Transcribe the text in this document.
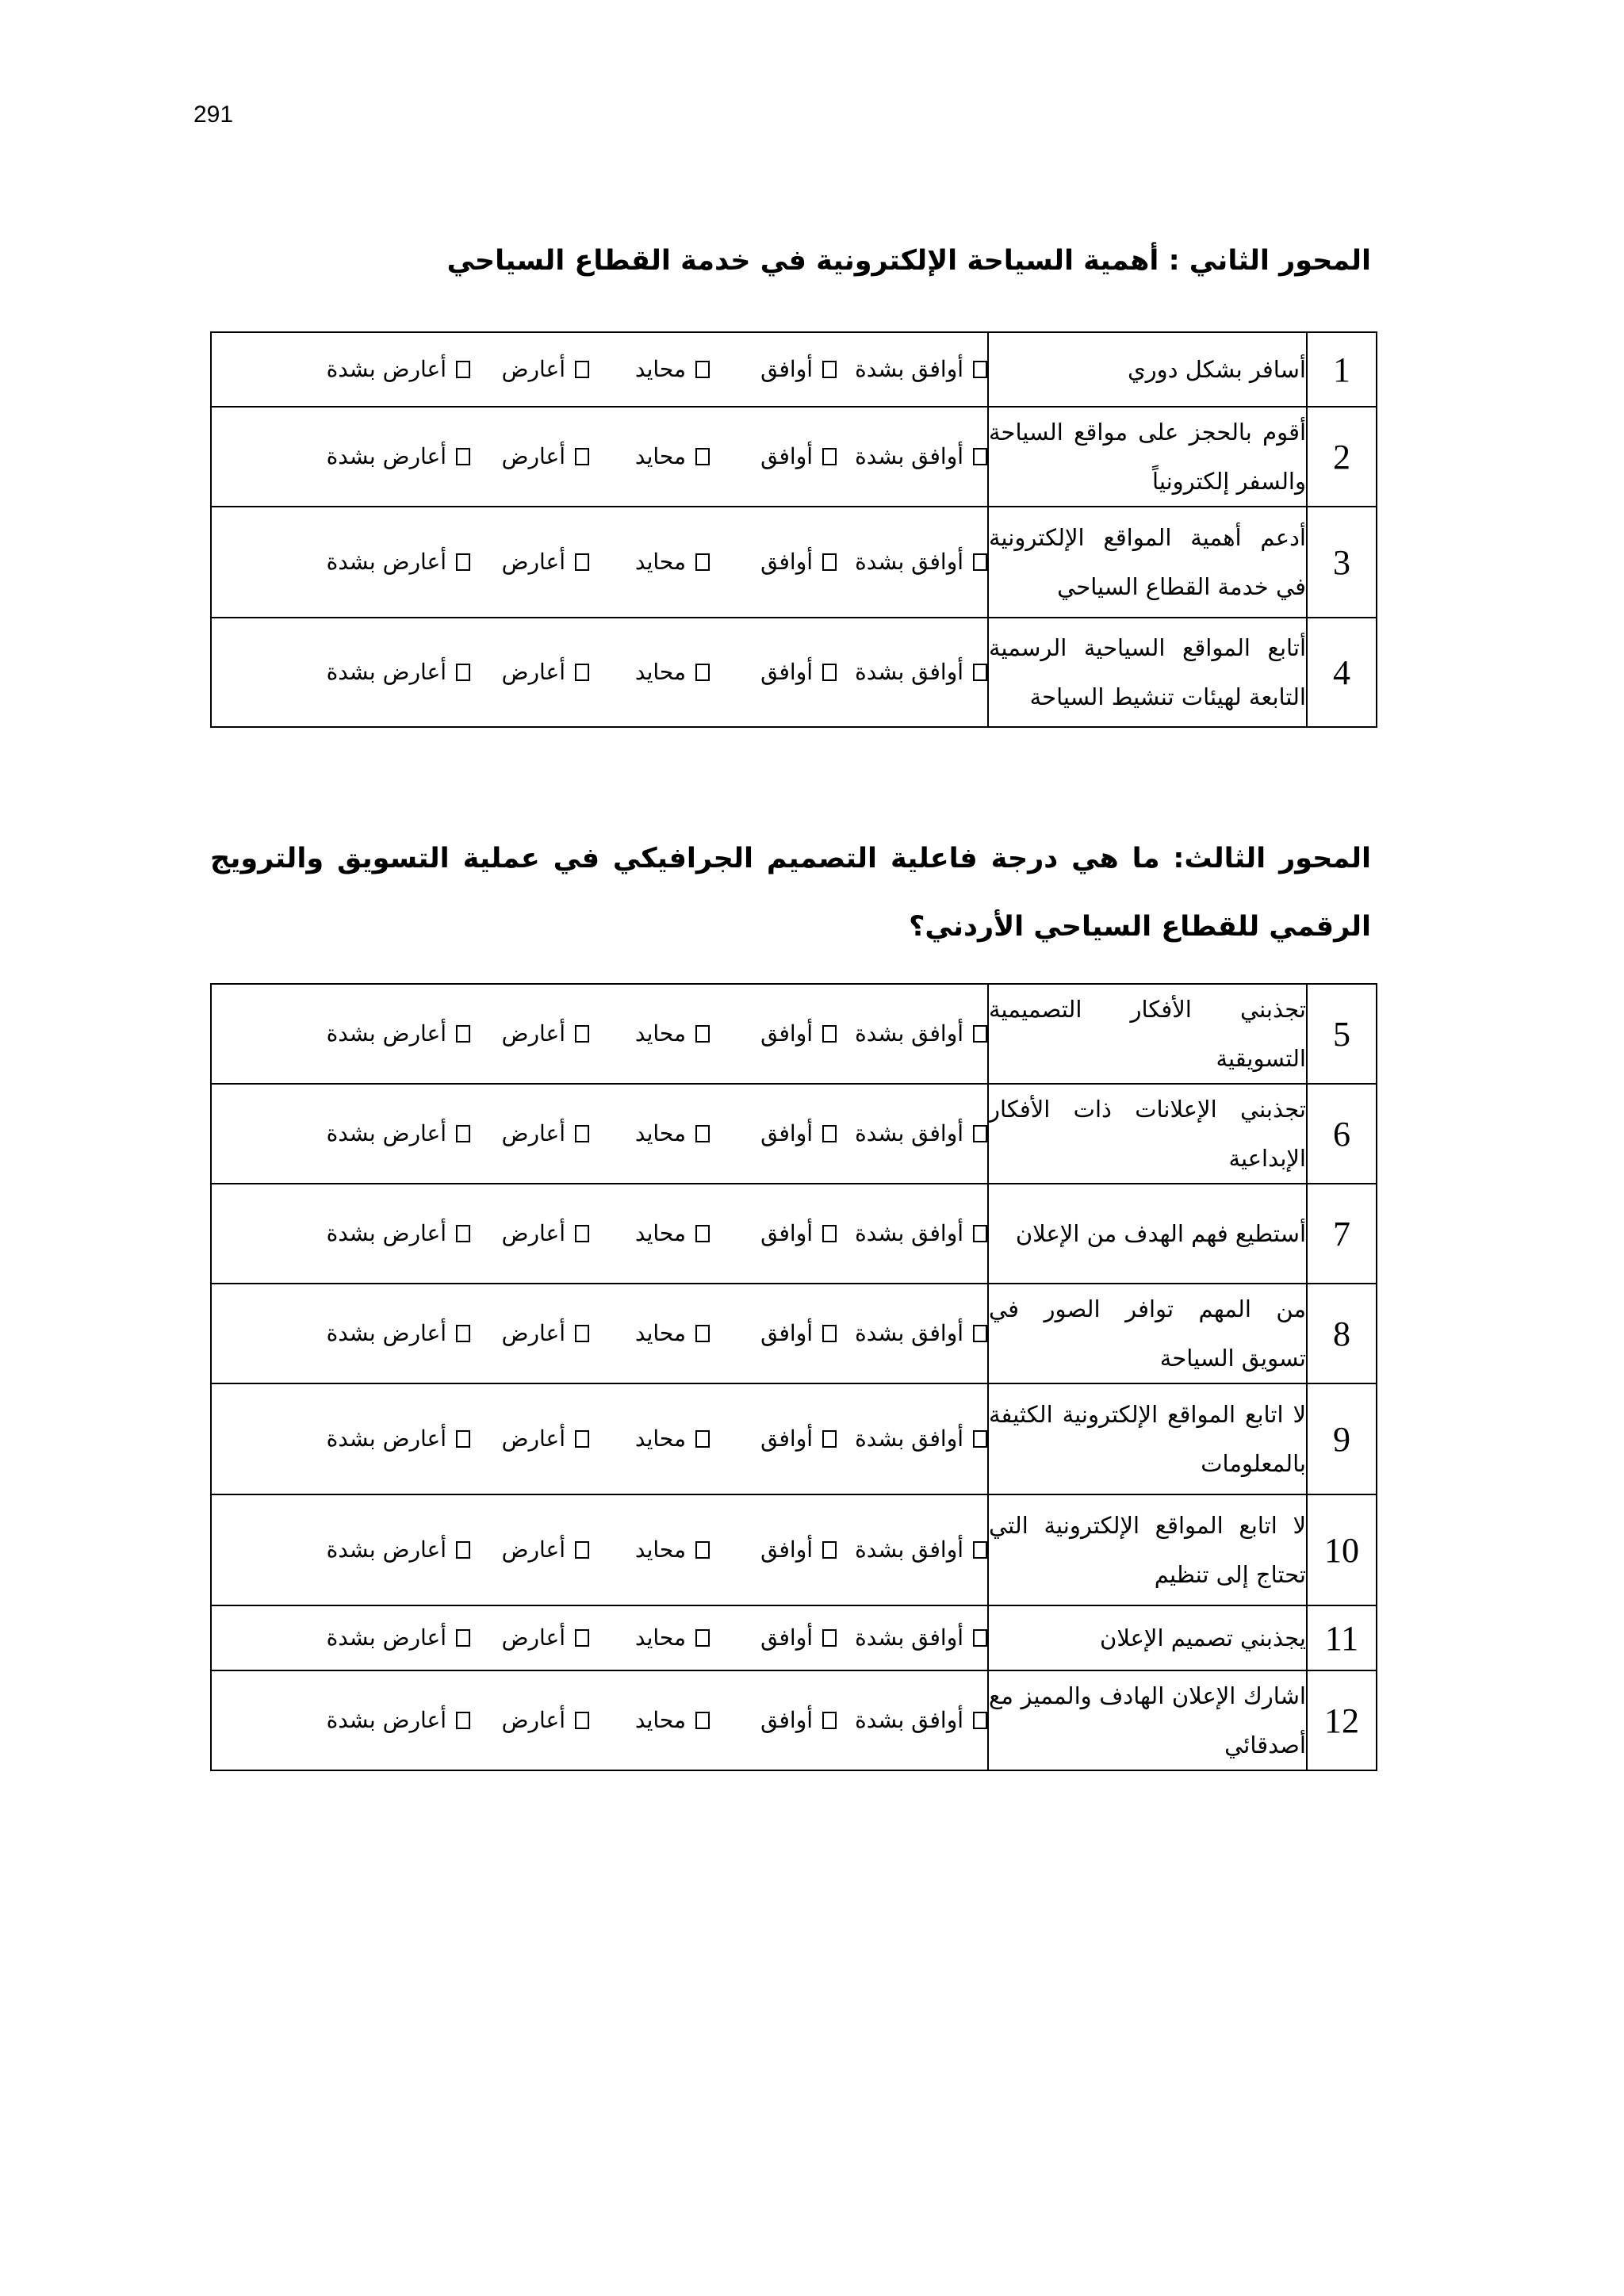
291
المحور الثاني : أهمية السياحة الإلكترونية في خدمة القطاع السياحي
1	أسافر بشكل دوري	أوافق بشدةأوافقمحايدأعارضأعارض بشدة
2	أقوم بالحجز على مواقع السياحة والسفر إلكترونياً	أوافق بشدةأوافقمحايدأعارضأعارض بشدة
3	أدعم أهمية المواقع الإلكترونية في خدمة القطاع السياحي	أوافق بشدةأوافقمحايدأعارضأعارض بشدة
4	أتابع المواقع السياحية الرسمية التابعة لهيئات تنشيط السياحة	أوافق بشدةأوافقمحايدأعارضأعارض بشدة
المحور الثالث: ما هي درجة فاعلية التصميم الجرافيكي في عملية التسويق والترويج الرقمي للقطاع السياحي الأردني؟
5	تجذبني الأفكار التصميمية التسويقية	أوافق بشدةأوافقمحايدأعارضأعارض بشدة
6	تجذبني الإعلانات ذات الأفكار الإبداعية	أوافق بشدةأوافقمحايدأعارضأعارض بشدة
7	أستطيع فهم الهدف من الإعلان	أوافق بشدةأوافقمحايدأعارضأعارض بشدة
8	من المهم توافر الصور في تسويق السياحة	أوافق بشدةأوافقمحايدأعارضأعارض بشدة
9	لا اتابع المواقع الإلكترونية الكثيفة بالمعلومات	أوافق بشدةأوافقمحايدأعارضأعارض بشدة
10	لا اتابع المواقع الإلكترونية التي تحتاج إلى تنظيم	أوافق بشدةأوافقمحايدأعارضأعارض بشدة
11	يجذبني تصميم الإعلان	أوافق بشدةأوافقمحايدأعارضأعارض بشدة
12	اشارك الإعلان الهادف والمميز مع أصدقائي	أوافق بشدةأوافقمحايدأعارضأعارض بشدة
